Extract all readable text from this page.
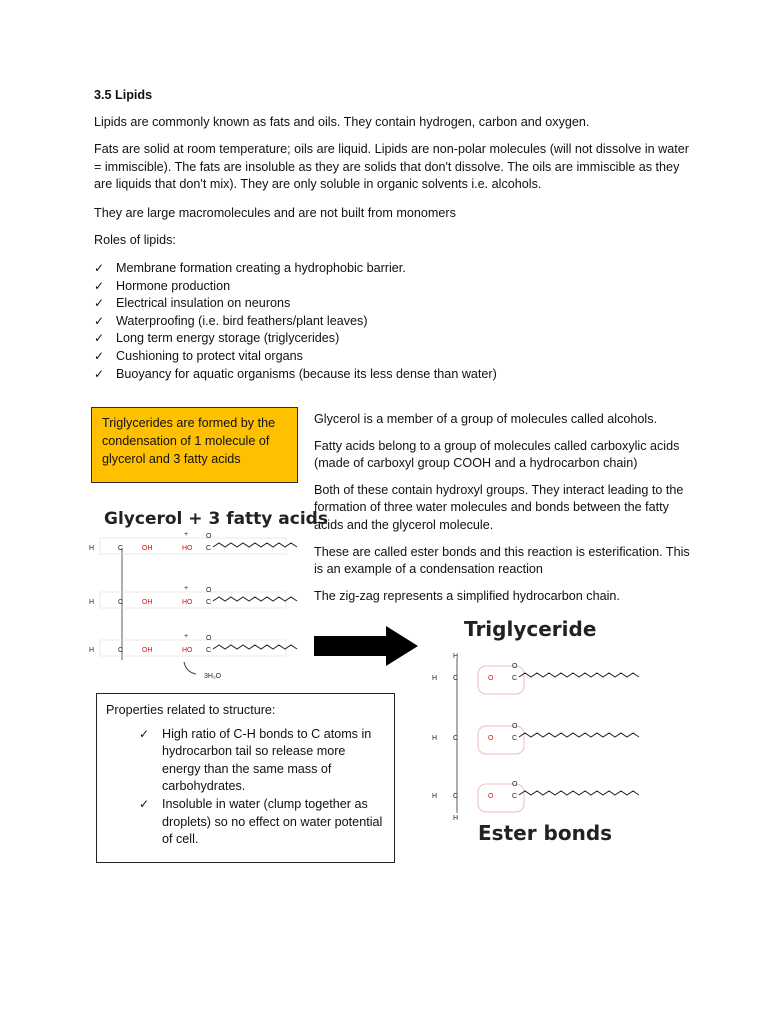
3.5 Lipids

Lipids are commonly known as fats and oils. They contain hydrogen, carbon and oxygen.

Fats are solid at room temperature; oils are liquid. Lipids are non-polar molecules (will not dissolve in water = immiscible). The fats are insoluble as they are solids that don't dissolve. The oils are immiscible as they are liquids that don't mix). They are only soluble in organic solvents i.e. alcohols.

They are large macromolecules and are not built from monomers

Roles of lipids:

✓ Membrane formation creating a hydrophobic barrier.
✓ Hormone production
✓ Electrical insulation on neurons
✓ Waterproofing (i.e. bird feathers/plant leaves)
✓ Long term energy storage (triglycerides)
✓ Cushioning to protect vital organs
✓ Buoyancy for aquatic organisms (because its less dense than water)
Triglycerides are formed by the condensation of 1 molecule of glycerol and 3 fatty acids

Glycerol is a member of a group of molecules called alcohols.

Fatty acids belong to a group of molecules called carboxylic acids (made of carboxyl group COOH and a hydrocarbon chain)

Both of these contain hydroxyl groups. They interact leading to the formation of three water molecules and bonds between the fatty acids and the glycerol molecule.

These are called ester bonds and this reaction is esterification. This is an example of a condensation reaction

The zig-zag represents a simplified hydrocarbon chain.

Glycerol + 3 fatty acids
H	C	OH
+
HO
O
C
H	C	OH
+
HO
O
C
H	C	OH
+
HO
O
C
3H₂O
Triglyceride
H
H C	O
O
C
H C	O
O
C
H C
H
O
O
C
Ester bonds
Properties related to structure:
✓ High ratio of C-H bonds to C atoms in hydrocarbon tail so release more energy than the same mass of carbohydrates.
✓ Insoluble in water (clump together as droplets) so no effect on water potential of cell.
